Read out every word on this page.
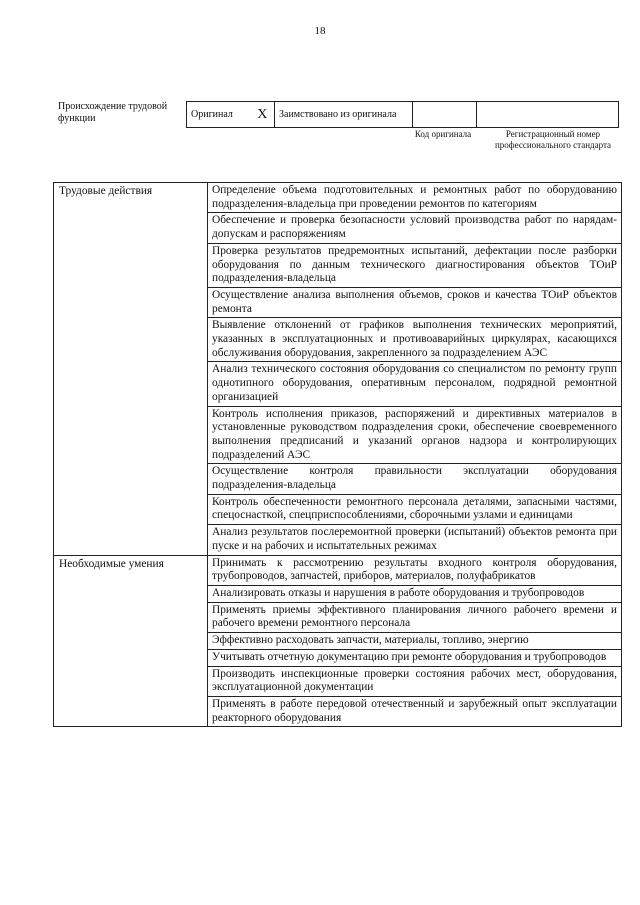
18
Происхождение трудовой функции	Оригинал	X	Заимствовано из оригинала		
Код оригинала	Регистрационный номер профессионального стандарта
Трудовые действия	Определение объема подготовительных и ремонтных работ по оборудованию подразделения-владельца при проведении ремонтов по категориям
	Обеспечение и проверка безопасности условий производства работ по нарядам-допускам и распоряжениям
	Проверка результатов предремонтных испытаний, дефектации после разборки оборудования по данным технического диагностирования объектов ТОиР подразделения-владельца
	Осуществление анализа выполнения объемов, сроков и качества ТОиР объектов ремонта
	Выявление отклонений от графиков выполнения технических мероприятий, указанных в эксплуатационных и противоаварийных циркулярах, касающихся обслуживания оборудования, закрепленного за подразделением АЭС
	Анализ технического состояния оборудования со специалистом по ремонту групп однотипного оборудования, оперативным персоналом, подрядной ремонтной организацией
	Контроль исполнения приказов, распоряжений и директивных материалов в установленные руководством подразделения сроки, обеспечение своевременного выполнения предписаний и указаний органов надзора и контролирующих подразделений АЭС
	Осуществление контроля правильности эксплуатации оборудования подразделения-владельца
	Контроль обеспеченности ремонтного персонала деталями, запасными частями, спецоснасткой, спецприспособлениями, сборочными узлами и единицами
	Анализ результатов послеремонтной проверки (испытаний) объектов ремонта при пуске и на рабочих и испытательных режимах
Необходимые умения	Принимать к рассмотрению результаты входного контроля оборудования, трубопроводов, запчастей, приборов, материалов, полуфабрикатов
	Анализировать отказы и нарушения в работе оборудования и трубопроводов
	Применять приемы эффективного планирования личного рабочего времени и рабочего времени ремонтного персонала
	Эффективно расходовать запчасти, материалы, топливо, энергию
	Учитывать отчетную документацию при ремонте оборудования и трубопроводов
	Производить инспекционные проверки состояния рабочих мест, оборудования, эксплуатационной документации
	Применять в работе передовой отечественный и зарубежный опыт эксплуатации реакторного оборудования
